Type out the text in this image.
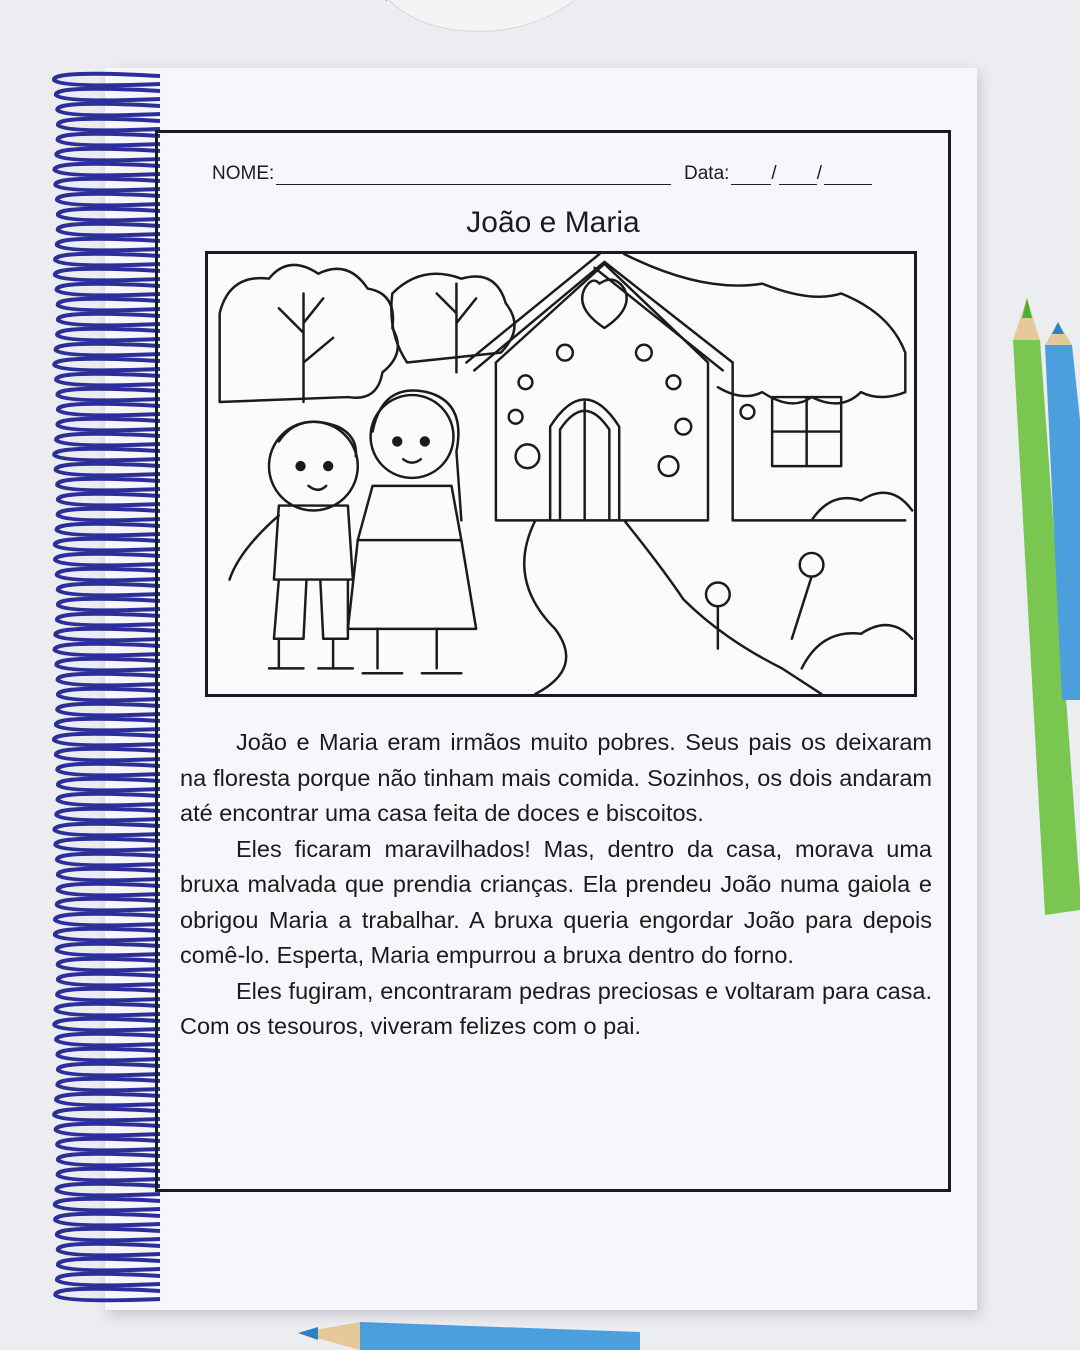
NOME:	Data: / /
João e Maria

João e Maria eram irmãos muito pobres. Seus pais os deixaram na floresta porque não tinham mais comida. Sozinhos, os dois andaram até encontrar uma casa feita de doces e biscoitos.

Eles ficaram maravilhados! Mas, dentro da casa, morava uma bruxa malvada que prendia crianças. Ela prendeu João numa gaiola e obrigou Maria a trabalhar. A bruxa queria engordar João para depois comê-lo. Esperta, Maria empurrou a bruxa dentro do forno.

Eles fugiram, encontraram pedras preciosas e voltaram para casa. Com os tesouros, viveram felizes com o pai.
